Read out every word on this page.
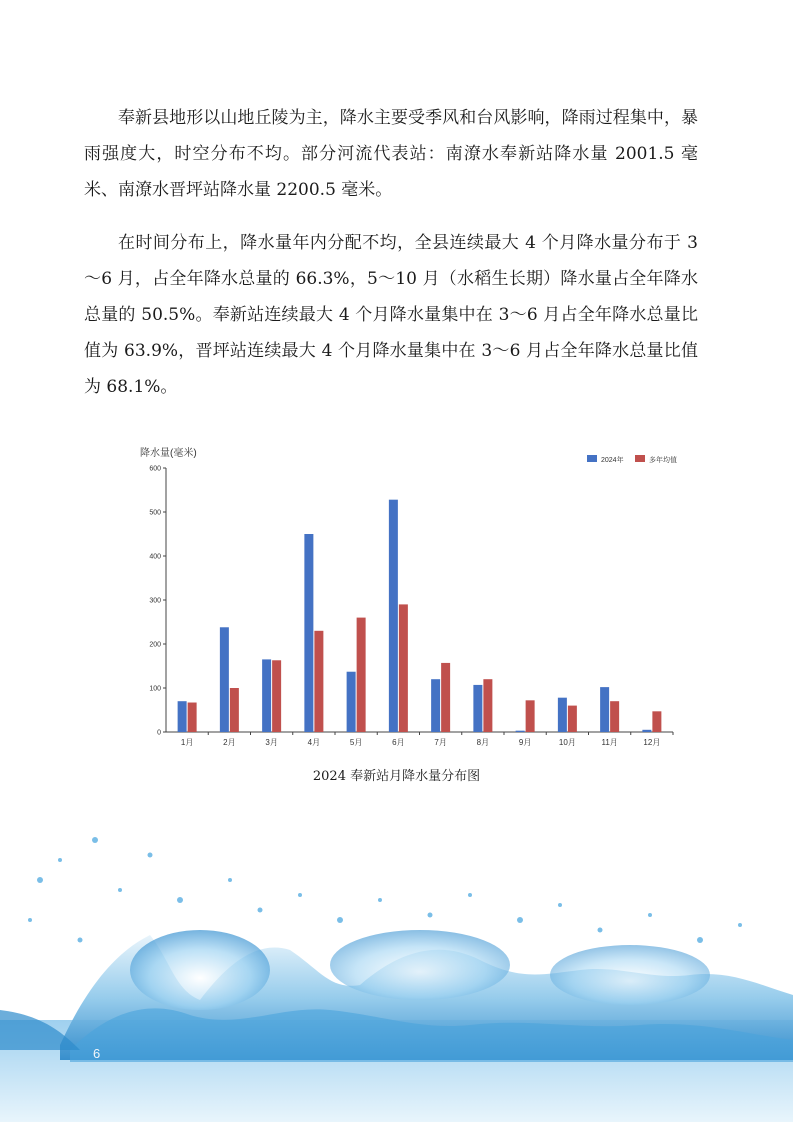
奉新县地形以山地丘陵为主，降水主要受季风和台风影响，降雨过程集中，暴雨强度大，时空分布不均。部分河流代表站：南潦水奉新站降水量 2001.5 毫米、南潦水晋坪站降水量 2200.5 毫米。

在时间分布上，降水量年内分配不均，全县连续最大 4 个月降水量分布于 3～6 月，占全年降水总量的 66.3%，5～10 月（水稻生长期）降水量占全年降水总量的 50.5%。奉新站连续最大 4 个月降水量集中在 3～6 月占全年降水总量比值为 63.9%，晋坪站连续最大 4 个月降水量集中在 3～6 月占全年降水总量比值为 68.1%。

降水量(毫米)
0
100
200
300
400
500
600
1月	2月	3月	4月	5月	6月	7月	8月	9月	10月	11月	12月
2024年	多年均值
2024 奉新站月降水量分布图
6
